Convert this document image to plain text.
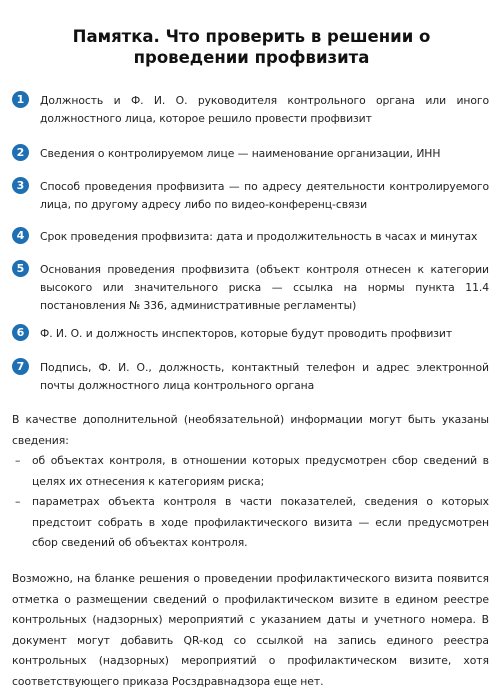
Памятка. Что проверить в решении о проведении профвизита
1	Должность и Ф. И. О. руководителя контрольного органа или иного должностного лица, которое решило провести профвизит
2	Сведения о контролируемом лице — наименование организации, ИНН
3	Способ проведения профвизита — по адресу деятельности контролируемого лица, по другому адресу либо по видео-конференц-связи
4	Срок проведения профвизита: дата и продолжительность в часах и минутах
5	Основания проведения профвизита (объект контроля отнесен к категории высокого или значительного риска — ссылка на нормы пункта 11.4 постановления № 336, административные регламенты)
6	Ф. И. О. и должность инспекторов, которые будут проводить профвизит
7	Подпись, Ф. И. О., должность, контактный телефон и адрес электронной почты должностного лица контрольного органа
В качестве дополнительной (необязательной) информации могут быть указаны сведения:
– об объектах контроля, в отношении которых предусмотрен сбор сведений в целях их отнесения к категориям риска;
– параметрах объекта контроля в части показателей, сведения о которых предстоит собрать в ходе профилактического визита — если предусмотрен сбор сведений об объектах контроля.
Возможно, на бланке решения о проведении профилактического визита появится отметка о размещении сведений о профилактическом визите в едином реестре контрольных (надзорных) мероприятий с указанием даты и учетного номера. В документ могут добавить QR-код со ссылкой на запись единого реестра контрольных (надзорных) мероприятий о профилактическом визите, хотя соответствующего приказа Росздравнадзора еще нет.
